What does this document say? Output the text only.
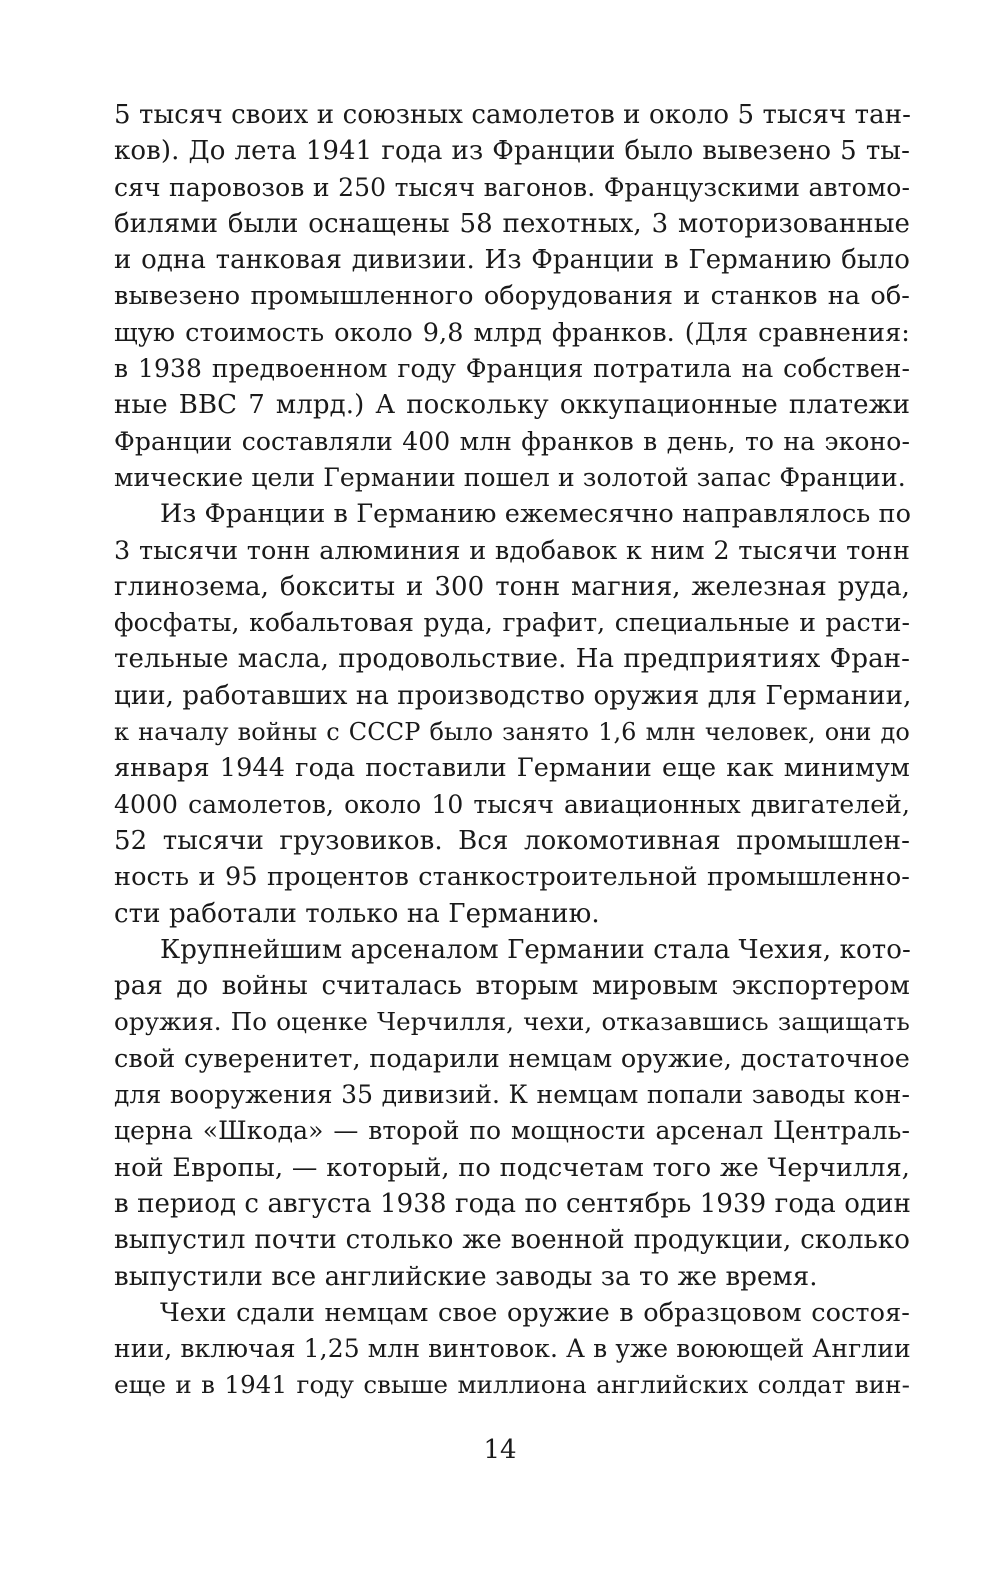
5 тысяч своих и союзных самолетов и около 5 тысяч тан-
ков). До лета 1941 года из Франции было вывезено 5 ты-
сяч паровозов и 250 тысяч вагонов. Французскими автомо-
билями были оснащены 58 пехотных, 3 моторизованные
и одна танковая дивизии. Из Франции в Германию было
вывезено промышленного оборудования и станков на об-
щую стоимость около 9,8 млрд франков. (Для сравнения:
в 1938 предвоенном году Франция потратила на собствен-
ные ВВС 7 млрд.) А поскольку оккупационные платежи
Франции составляли 400 млн франков в день, то на эконо-
мические цели Германии пошел и золотой запас Франции.
Из Франции в Германию ежемесячно направлялось по
3 тысячи тонн алюминия и вдобавок к ним 2 тысячи тонн
глинозема, бокситы и 300 тонн магния, железная руда,
фосфаты, кобальтовая руда, графит, специальные и расти-
тельные масла, продовольствие. На предприятиях Фран-
ции, работавших на производство оружия для Германии,
к началу войны с СССР было занято 1,6 млн человек, они до
января 1944 года поставили Германии еще как минимум
4000 самолетов, около 10 тысяч авиационных двигателей,
52 тысячи грузовиков. Вся локомотивная промышлен-
ность и 95 процентов станкостроительной промышленно-
сти работали только на Германию.
Крупнейшим арсеналом Германии стала Чехия, кото-
рая до войны считалась вторым мировым экспортером
оружия. По оценке Черчилля, чехи, отказавшись защищать
свой суверенитет, подарили немцам оружие, достаточное
для вооружения 35 дивизий. К немцам попали заводы кон-
церна «Шкода» — второй по мощности арсенал Централь-
ной Европы, — который, по подсчетам того же Черчилля,
в период с августа 1938 года по сентябрь 1939 года один
выпустил почти столько же военной продукции, сколько
выпустили все английские заводы за то же время.
Чехи сдали немцам свое оружие в образцовом состоя-
нии, включая 1,25 млн винтовок. А в уже воюющей Англии
еще и в 1941 году свыше миллиона английских солдат вин-
14
